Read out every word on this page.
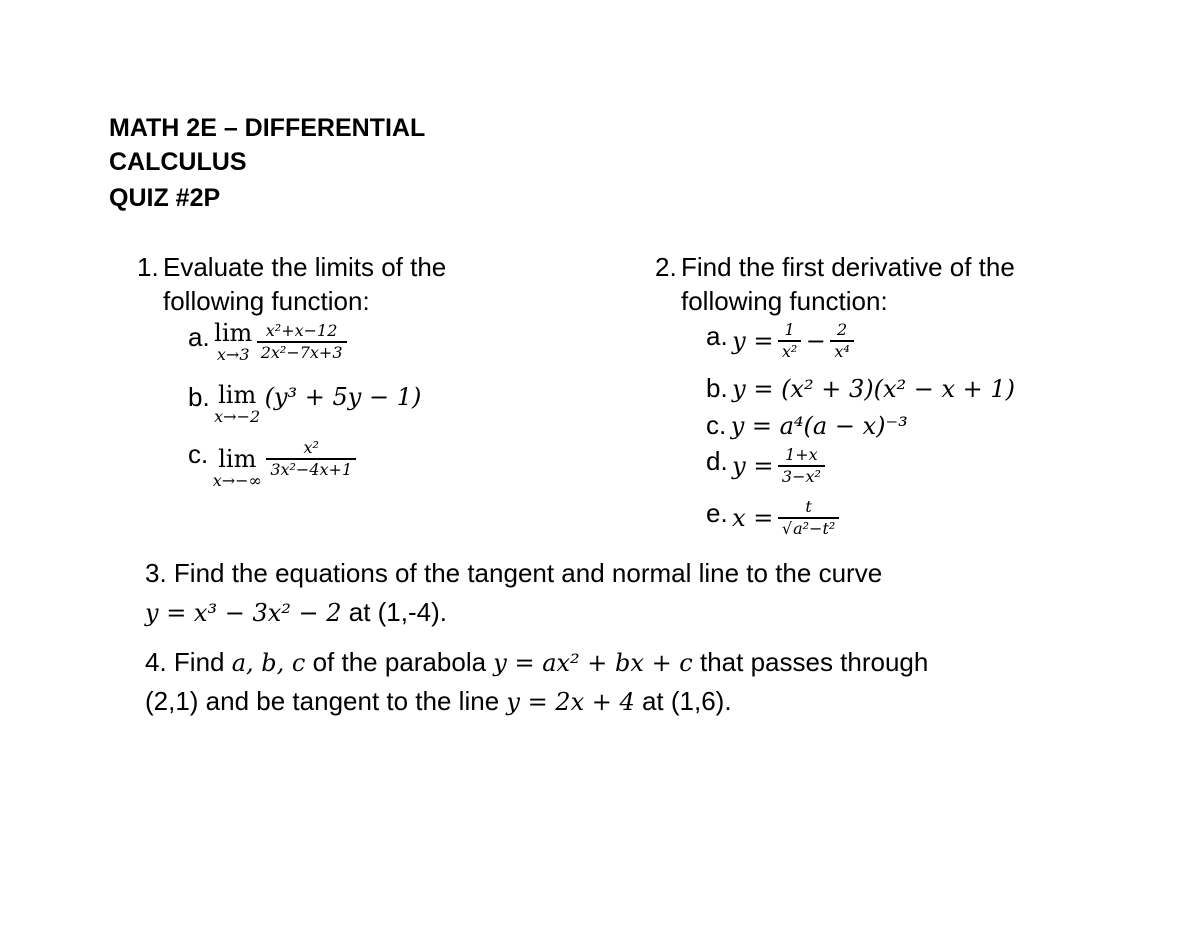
MATH 2E – DIFFERENTIAL
CALCULUS
QUIZ #2P
1. Evaluate the limits of the
following function:
a. lim
x→3
$\frac{\text{x²+x−12}}{\text{2x²−7x+3}}$
b. lim
x→−2
(y³ + 5y − 1)
c. lim
x→−∞

$\frac{\text{x²}}{\text{3x²−4x+1}}$
2. Find the first derivative of the
following function:
a. $y = \frac{1}{\text{x²}} - \frac{2}{\text{x⁴}}$
b. y = (x² + 3)(x² − x + 1)
c. y = a⁴(a − x)⁻³
d. $y = \frac{1+x}{\text{3−x²}}$
e. $x = \frac{t}{\text{√a²−t²}}$
3. Find the equations of the tangent and normal line to the curve
y = x³ − 3x² − 2 at (1,-4).
4. Find a, b, c of the parabola y = ax² + bx + c that passes through
(2,1) and be tangent to the line y = 2x + 4 at (1,6).
